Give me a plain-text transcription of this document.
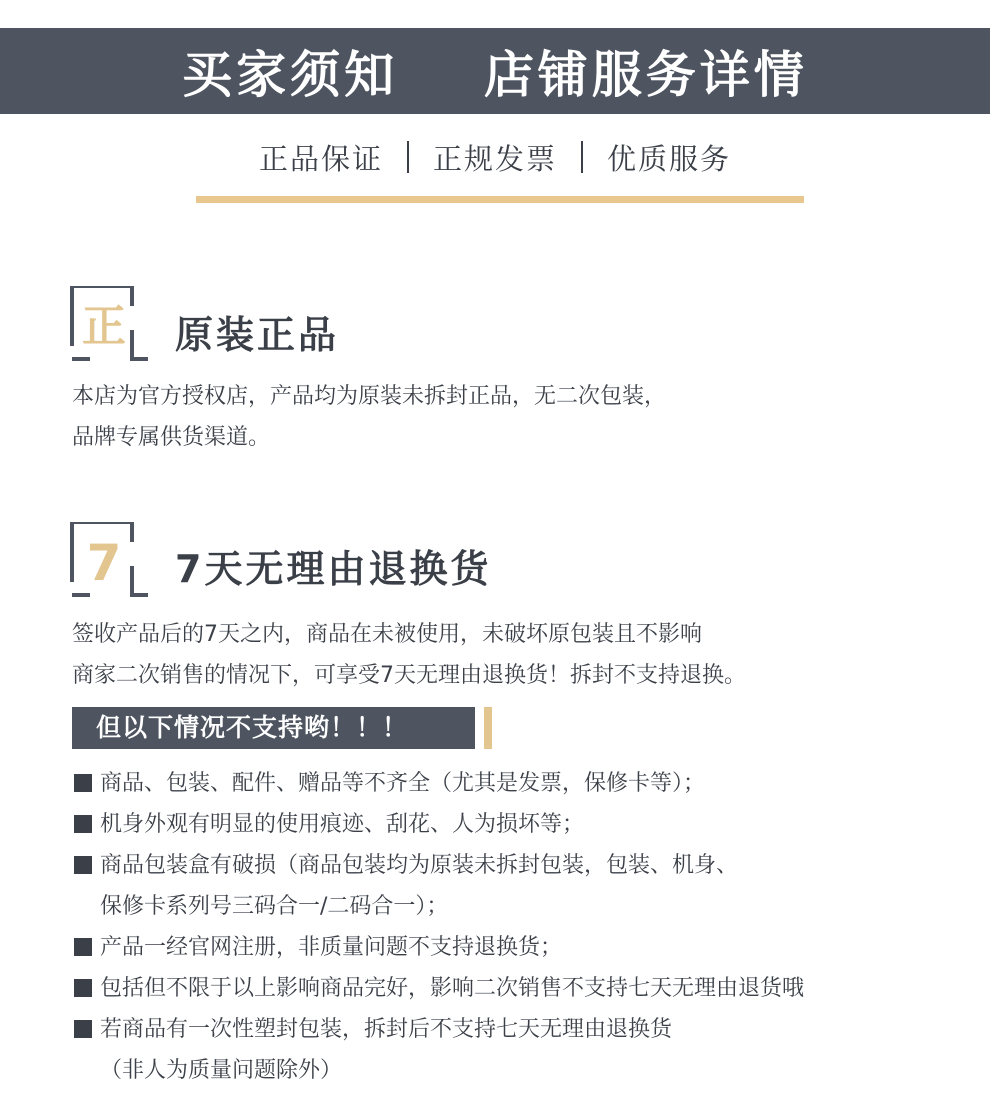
买家须知 店铺服务详情
正品保证 正规发票 优质服务
正 原装正品
本店为官方授权店，产品均为原装未拆封正品，无二次包装，
品牌专属供货渠道。
7 7天无理由退换货
签收产品后的7天之内，商品在未被使用，未破坏原包装且不影响
商家二次销售的情况下，可享受7天无理由退换货！拆封不支持退换。
但以下情况不支持哟！！！
商品、包装、配件、赠品等不齐全（尤其是发票，保修卡等）；
机身外观有明显的使用痕迹、刮花、人为损坏等；
商品包装盒有破损（商品包装均为原装未拆封包装，包装、机身、
保修卡系列号三码合一/二码合一）；
产品一经官网注册，非质量问题不支持退换货；
包括但不限于以上影响商品完好，影响二次销售不支持七天无理由退货哦
若商品有一次性塑封包装，拆封后不支持七天无理由退换货
（非人为质量问题除外）
